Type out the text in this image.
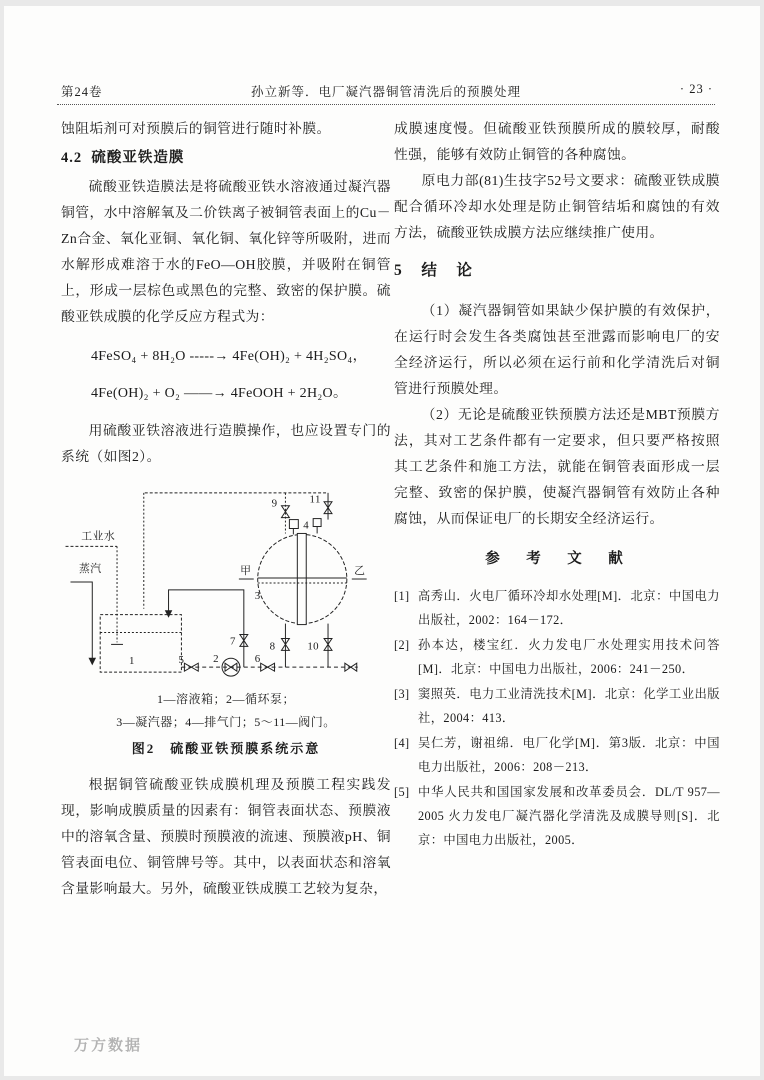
第24卷	孙立新等．电厂凝汽器铜管清洗后的预膜处理	· 23 ·

蚀阻垢剂可对预膜后的铜管进行随时补膜。

4.2 硫酸亚铁造膜

硫酸亚铁造膜法是将硫酸亚铁水溶液通过凝汽器铜管，水中溶解氧及二价铁离子被铜管表面上的Cu－Zn合金、氧化亚铜、氧化铜、氧化锌等所吸附，进而水解形成难溶于水的FeO—OH胶膜，并吸附在铜管上，形成一层棕色或黑色的完整、致密的保护膜。硫酸亚铁成膜的化学反应方程式为：

4FeSO₄ + 8H₂O -----→ 4Fe(OH)₂ + 4H₂SO₄，
4Fe(OH)₂ + O₂ ——→ 4FeOOH + 2H₂O。

用硫酸亚铁溶液进行造膜操作，也应设置专门的系统（如图2）。

工业水
蒸汽	甲	乙
1	2
3
4
5	6
7	8
9
10
11
1—溶液箱；2—循环泵；
3—凝汽器；4—排气门；5～11—阀门。
图2　硫酸亚铁预膜系统示意

根据铜管硫酸亚铁成膜机理及预膜工程实践发现，影响成膜质量的因素有：铜管表面状态、预膜液中的溶氧含量、预膜时预膜液的流速、预膜液pH、铜管表面电位、铜管牌号等。其中，以表面状态和溶氧含量影响最大。另外，硫酸亚铁成膜工艺较为复杂，

成膜速度慢。但硫酸亚铁预膜所成的膜较厚，耐酸性强，能够有效防止铜管的各种腐蚀。

原电力部(81)生技字52号文要求：硫酸亚铁成膜配合循环冷却水处理是防止铜管结垢和腐蚀的有效方法，硫酸亚铁成膜方法应继续推广使用。

5 结　论

（1）凝汽器铜管如果缺少保护膜的有效保护，在运行时会发生各类腐蚀甚至泄露而影响电厂的安全经济运行，所以必须在运行前和化学清洗后对铜管进行预膜处理。

（2）无论是硫酸亚铁预膜方法还是MBT预膜方法，其对工艺条件都有一定要求，但只要严格按照其工艺条件和施工方法，就能在铜管表面形成一层完整、致密的保护膜，使凝汽器铜管有效防止各种腐蚀，从而保证电厂的长期安全经济运行。

参　考　文　献
[1] 高秀山．火电厂循环冷却水处理[M]．北京：中国电力出版社，2002：164－172．
[2] 孙本达，楼宝红．火力发电厂水处理实用技术问答[M]．北京：中国电力出版社，2006：241－250．
[3] 窦照英．电力工业清洗技术[M]．北京：化学工业出版社，2004：413．
[4] 吴仁芳，谢祖绵．电厂化学[M]．第3版．北京：中国电力出版社，2006：208－213．
[5] 中华人民共和国国家发展和改革委员会．DL/T 957—2005 火力发电厂凝汽器化学清洗及成膜导则[S]．北京：中国电力出版社，2005．
万方数据
